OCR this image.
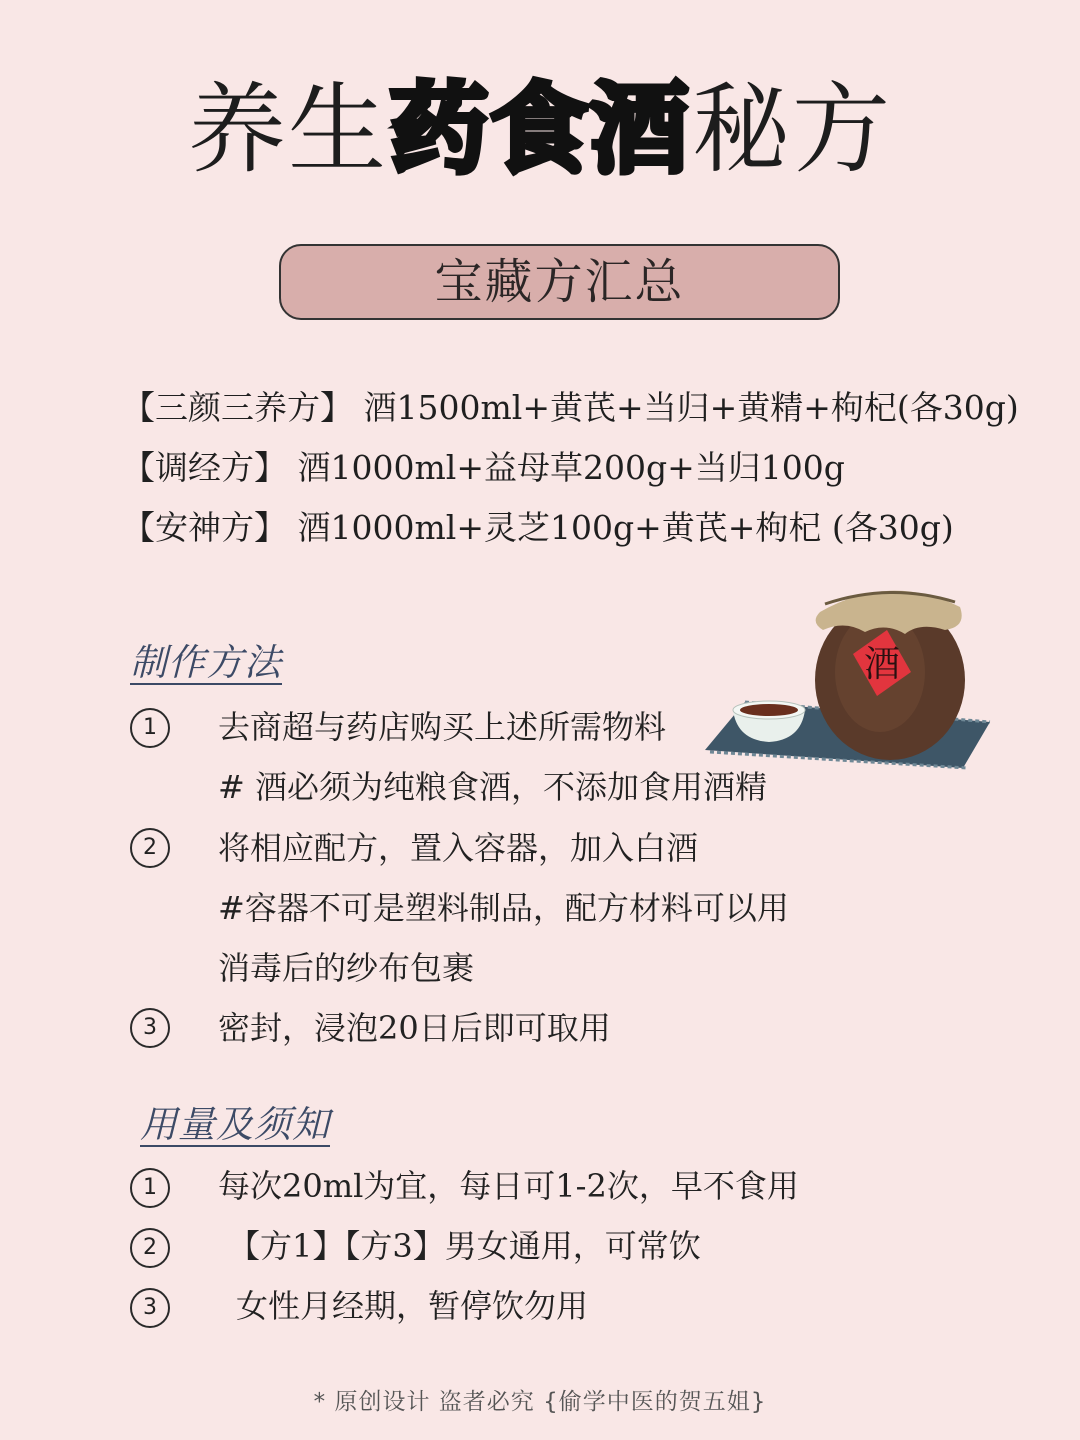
养生药食酒秘方
宝藏方汇总
【三颜三养方】 酒1500ml+黄芪+当归+黄精+枸杞(各30g)
【调经方】 酒1000ml+益母草200g+当归100g
【安神方】 酒1000ml+灵芝100g+黄芪+枸杞 (各30g)
酒
制作方法
1	去商超与药店购买上述所需物料
# 酒必须为纯粮食酒，不添加食用酒精
2	将相应配方，置入容器，加入白酒
#容器不可是塑料制品，配方材料可以用
消毒后的纱布包裹
3	密封，浸泡20日后即可取用
用量及须知
1	每次20ml为宜，每日可1-2次，早不食用
2	【方1】【方3】男女通用，可常饮
3	女性月经期，暂停饮勿用
* 原创设计 盗者必究 {偷学中医的贺五姐}
